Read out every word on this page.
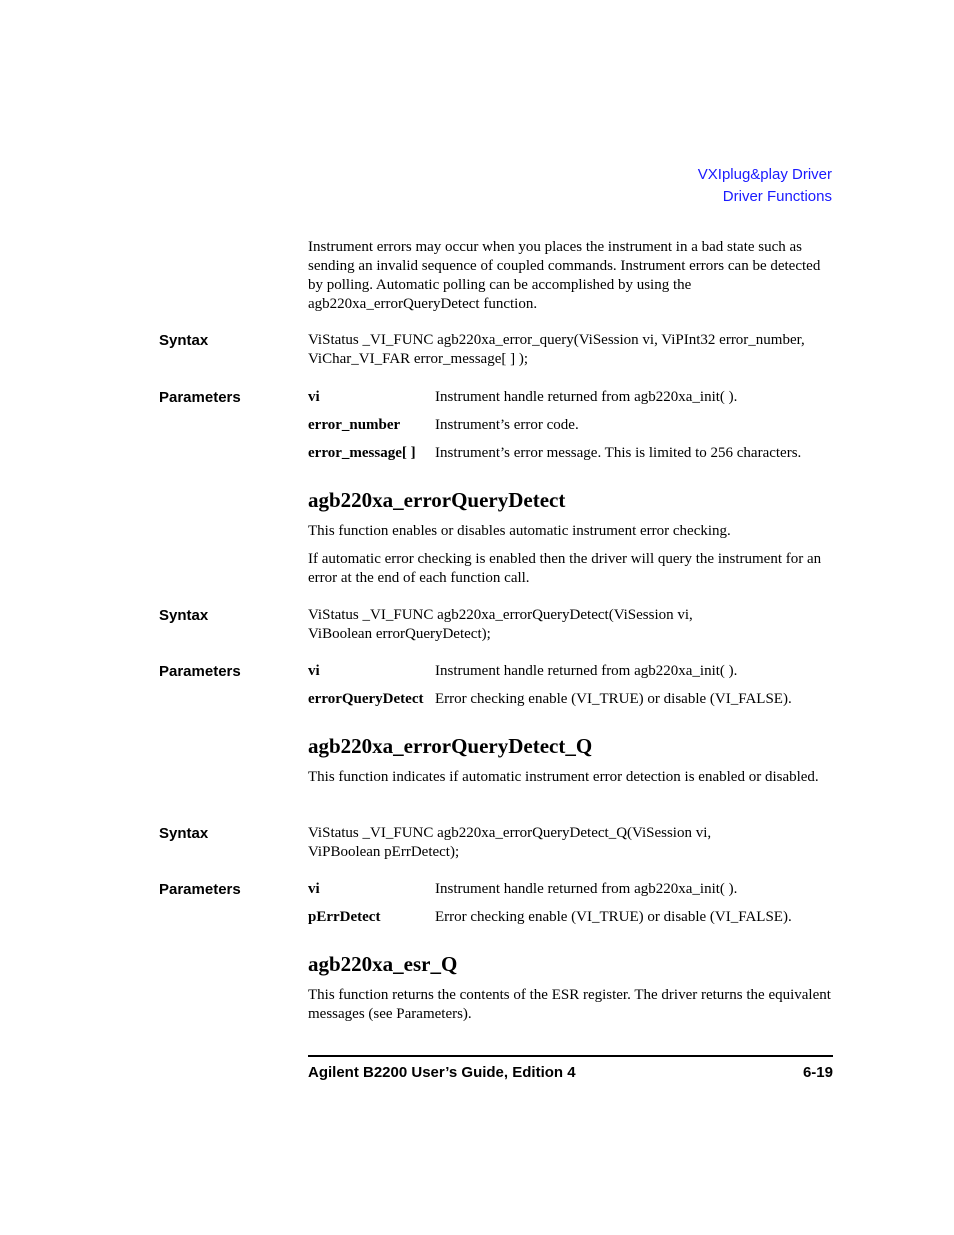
VXIplug&play Driver
Driver Functions

Instrument errors may occur when you places the instrument in a bad state such as sending an invalid sequence of coupled commands. Instrument errors can be detected by polling. Automatic polling can be accomplished by using the agb220xa_errorQueryDetect function.

Syntax	ViStatus _VI_FUNC agb220xa_error_query(ViSession vi, ViPInt32 error_number,
ViChar_VI_FAR error_message[ ] );
Parameters	vi	Instrument handle returned from agb220xa_init( ).
error_number Instrument’s error code.
error_message[ ] Instrument’s error message. This is limited to 256 characters.
agb220xa_errorQueryDetect

This function enables or disables automatic instrument error checking.

If automatic error checking is enabled then the driver will query the instrument for an error at the end of each function call.

Syntax	ViStatus _VI_FUNC agb220xa_errorQueryDetect(ViSession vi,
ViBoolean errorQueryDetect);
Parameters	vi	Instrument handle returned from agb220xa_init( ).
errorQueryDetect Error checking enable (VI_TRUE) or disable (VI_FALSE).
agb220xa_errorQueryDetect_Q

This function indicates if automatic instrument error detection is enabled or disabled.

Syntax	ViStatus _VI_FUNC agb220xa_errorQueryDetect_Q(ViSession vi,
ViPBoolean pErrDetect);
Parameters	vi	Instrument handle returned from agb220xa_init( ).
pErrDetect	Error checking enable (VI_TRUE) or disable (VI_FALSE).
agb220xa_esr_Q

This function returns the contents of the ESR register. The driver returns the equivalent messages (see Parameters).

Agilent B2200 User’s Guide, Edition 4	6-19
